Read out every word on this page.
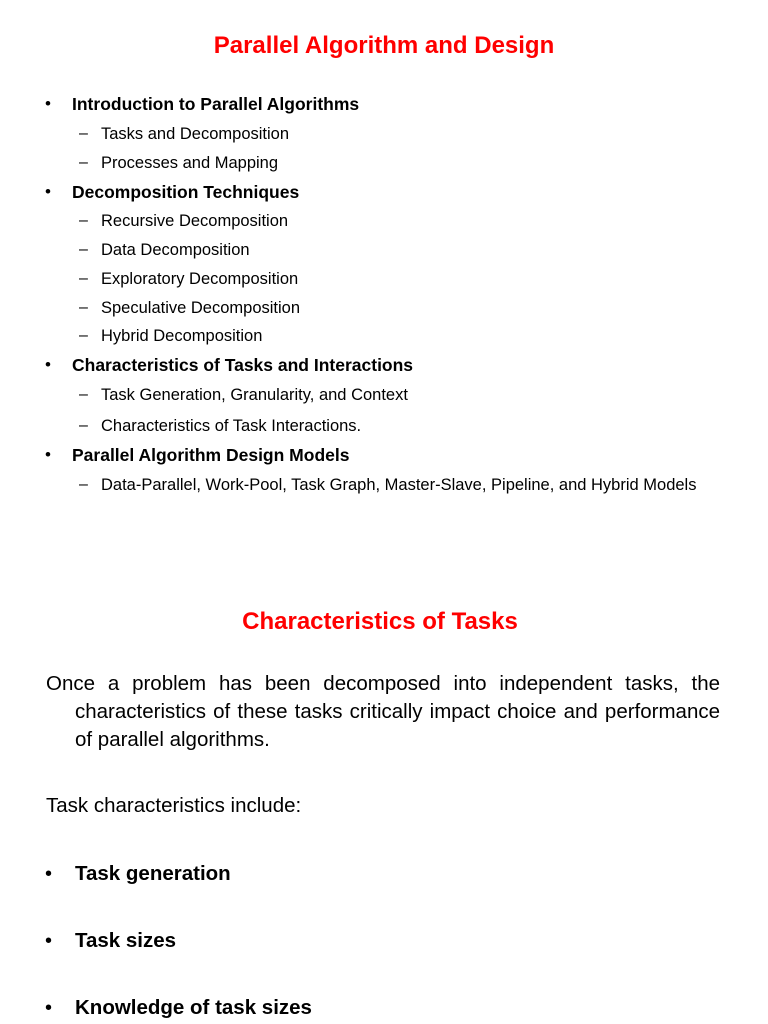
Parallel Algorithm and Design
• Introduction to Parallel Algorithms
– Tasks and Decomposition
– Processes and Mapping
• Decomposition Techniques
– Recursive Decomposition
– Data Decomposition
– Exploratory Decomposition
– Speculative Decomposition
– Hybrid Decomposition
• Characteristics of Tasks and Interactions
– Task Generation, Granularity, and Context
– Characteristics of Task Interactions.
• Parallel Algorithm Design Models
– Data-Parallel, Work-Pool, Task Graph, Master-Slave, Pipeline, and Hybrid Models
Characteristics of Tasks

Once a problem has been decomposed into independent tasks, the characteristics of these tasks critically impact choice and performance of parallel algorithms.

Task characteristics include:

• Task generation
• Task sizes
• Knowledge of task sizes
